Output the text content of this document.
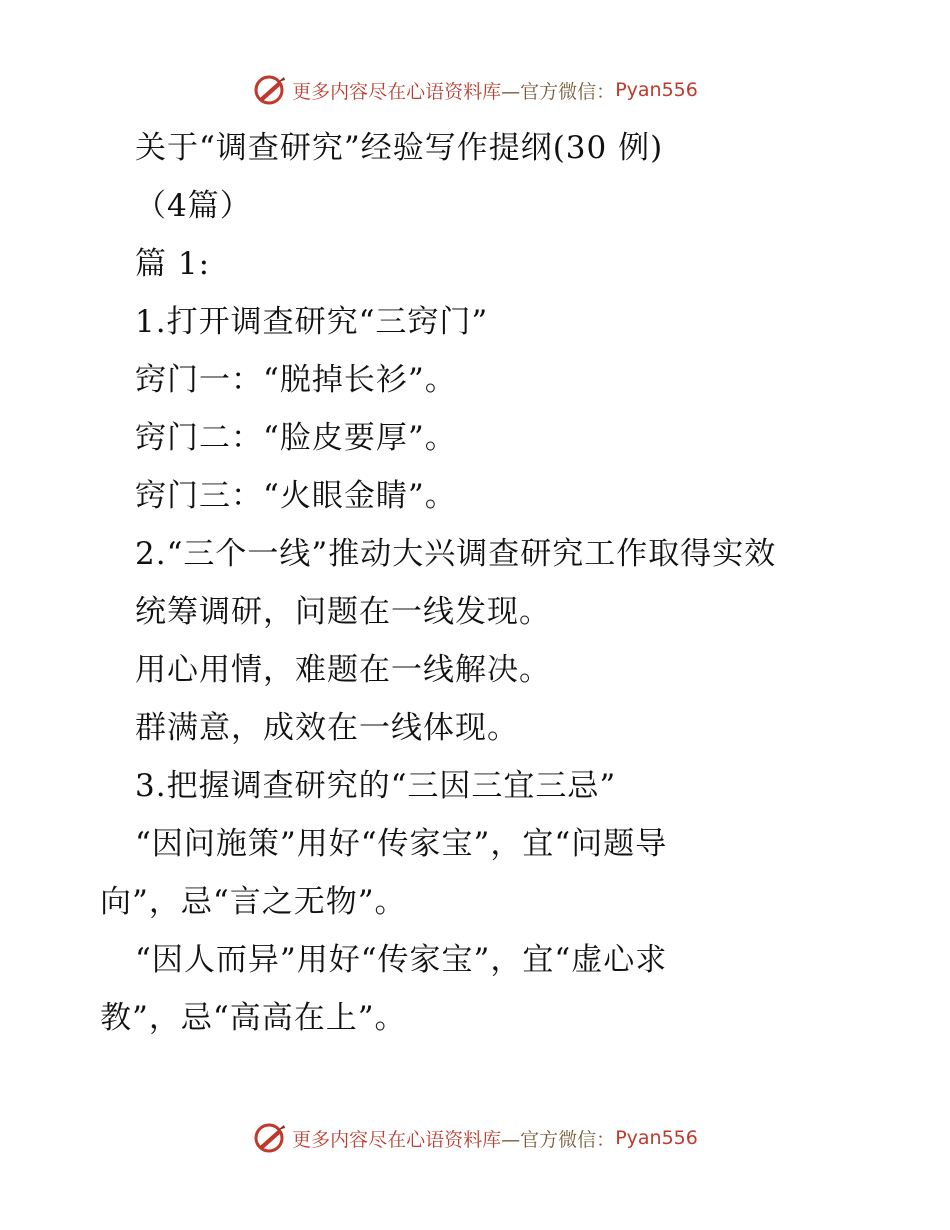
更多内容尽在心语资料库 —官方微信： Pyan556
关于“调查研究”经验写作提纲(30 例)
（4篇）
篇 1:
1.打开调查研究“三窍门”
窍门一：“脱掉长衫”。
窍门二：“脸皮要厚”。
窍门三：“火眼金睛”。
2.“三个一线”推动大兴调查研究工作取得实效
统筹调研，问题在一线发现。
用心用情，难题在一线解决。
群满意，成效在一线体现。
3.把握调查研究的“三因三宜三忌”
“因问施策”用好“传家宝”，宜“问题导
向”，忌“言之无物”。
“因人而异”用好“传家宝”，宜“虚心求
教”，忌“高高在上”。
更多内容尽在心语资料库 —官方微信： Pyan556
